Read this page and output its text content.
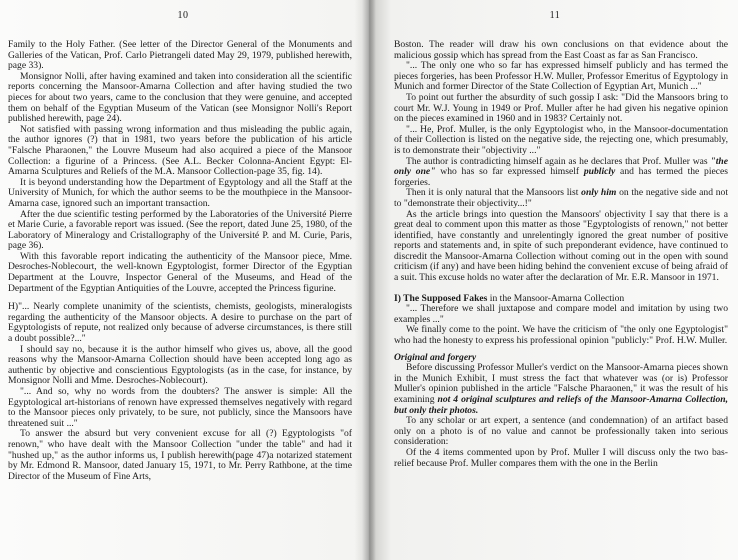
10

Family to the Holy Father. (See letter of the Director General of the Monuments and Galleries of the Vatican, Prof. Carlo Pietrangeli dated May 29, 1979, published herewith, page 33).

Monsignor Nolli, after having examined and taken into consideration all the scientific reports concerning the Mansoor-Amarna Collection and after having studied the two pieces for about two years, came to the conclusion that they were genuine, and accepted them on behalf of the Egyptian Museum of the Vatican (see Monsignor Nolli's Report published herewith, page 24).

Not satisfied with passing wrong information and thus misleading the public again, the author ignores (?) that in 1981, two years before the publication of his article "Falsche Pharaonen," the Louvre Museum had also acquired a piece of the Mansoor Collection: a figurine of a Princess. (See A.L. Becker Colonna-Ancient Egypt: El-Amarna Sculptures and Reliefs of the M.A. Mansoor Collection-page 35, fig. 14).

It is beyond understanding how the Department of Egyptology and all the Staff at the University of Munich, for which the author seems to be the mouthpiece in the Mansoor-Amarna case, ignored such an important transaction.

After the due scientific testing performed by the Laboratories of the Université Pierre et Marie Curie, a favorable report was issued. (See the report, dated June 25, 1980, of the Laboratory of Mineralogy and Cristallography of the Université P. and M. Curie, Paris, page 36).

With this favorable report indicating the authenticity of the Mansoor piece, Mme. Desroches-Noblecourt, the well-known Egyptologist, former Director of the Egyptian Department at the Louvre, Inspector General of the Museums, and Head of the Department of the Egyptian Antiquities of the Louvre, accepted the Princess figurine.

H)"... Nearly complete unanimity of the scientists, chemists, geologists, mineralogists regarding the authenticity of the Mansoor objects. A desire to purchase on the part of Egyptologists of repute, not realized only because of adverse circumstances, is there still a doubt possible?..."

I should say no, because it is the author himself who gives us, above, all the good reasons why the Mansoor-Amarna Collection should have been accepted long ago as authentic by objective and conscientious Egyptologists (as in the case, for instance, by Monsignor Nolli and Mme. Desroches-Noblecourt).

"... And so, why no words from the doubters? The answer is simple: All the Egyptological art-historians of renown have expressed themselves negatively with regard to the Mansoor pieces only privately, to be sure, not publicly, since the Mansoors have threatened suit ..."

To answer the absurd but very convenient excuse for all (?) Egyptologists "of renown," who have dealt with the Mansoor Collection "under the table" and had it "hushed up," as the author informs us, I publish herewith(page 47)a notarized statement by Mr. Edmond R. Mansoor, dated January 15, 1971, to Mr. Perry Rathbone, at the time Director of the Museum of Fine Arts,

11

Boston. The reader will draw his own conclusions on that evidence about the malicious gossip which has spread from the East Coast as far as San Francisco.

"... The only one who so far has expressed himself publicly and has termed the pieces forgeries, has been Professor H.W. Muller, Professor Emeritus of Egyptology in Munich and former Director of the State Collection of Egyptian Art, Munich ..."

To point out further the absurdity of such gossip I ask: "Did the Mansoors bring to court Mr. W.J. Young in 1949 or Prof. Muller after he had given his negative opinion on the pieces examined in 1960 and in 1983? Certainly not.

"... He, Prof. Muller, is the only Egyptologist who, in the Mansoor-documentation of their Collection is listed on the negative side, the rejecting one, which presumably, is to demonstrate their "objectivity ..."

The author is contradicting himself again as he declares that Prof. Muller was "the only one" who has so far expressed himself publicly and has termed the pieces forgeries.

Then it is only natural that the Mansoors list only him on the negative side and not to "demonstrate their objectivity...!"

As the article brings into question the Mansoors' objectivity I say that there is a great deal to comment upon this matter as those "Egyptologists of renown," not better identified, have constantly and unrelentingly ignored the great number of positive reports and statements and, in spite of such preponderant evidence, have continued to discredit the Mansoor-Amarna Collection without coming out in the open with sound criticism (if any) and have been hiding behind the convenient excuse of being afraid of a suit. This excuse holds no water after the declaration of Mr. E.R. Mansoor in 1971.

I) The Supposed Fakes in the Mansoor-Amarna Collection

"... Therefore we shall juxtapose and compare model and imitation by using two examples ..."

We finally come to the point. We have the criticism of "the only one Egyptologist" who had the honesty to express his professional opinion "publicly:" Prof. H.W. Muller.

Original and forgery

Before discussing Professor Muller's verdict on the Mansoor-Amarna pieces shown in the Munich Exhibit, I must stress the fact that whatever was (or is) Professor Muller's opinion published in the article "Falsche Pharaonen," it was the result of his examining not 4 original sculptures and reliefs of the Mansoor-Amarna Collection, but only their photos.

To any scholar or art expert, a sentence (and condemnation) of an artifact based only on a photo is of no value and cannot be professionally taken into serious consideration:

Of the 4 items commented upon by Prof. Muller I will discuss only the two bas-relief because Prof. Muller compares them with the one in the Berlin
